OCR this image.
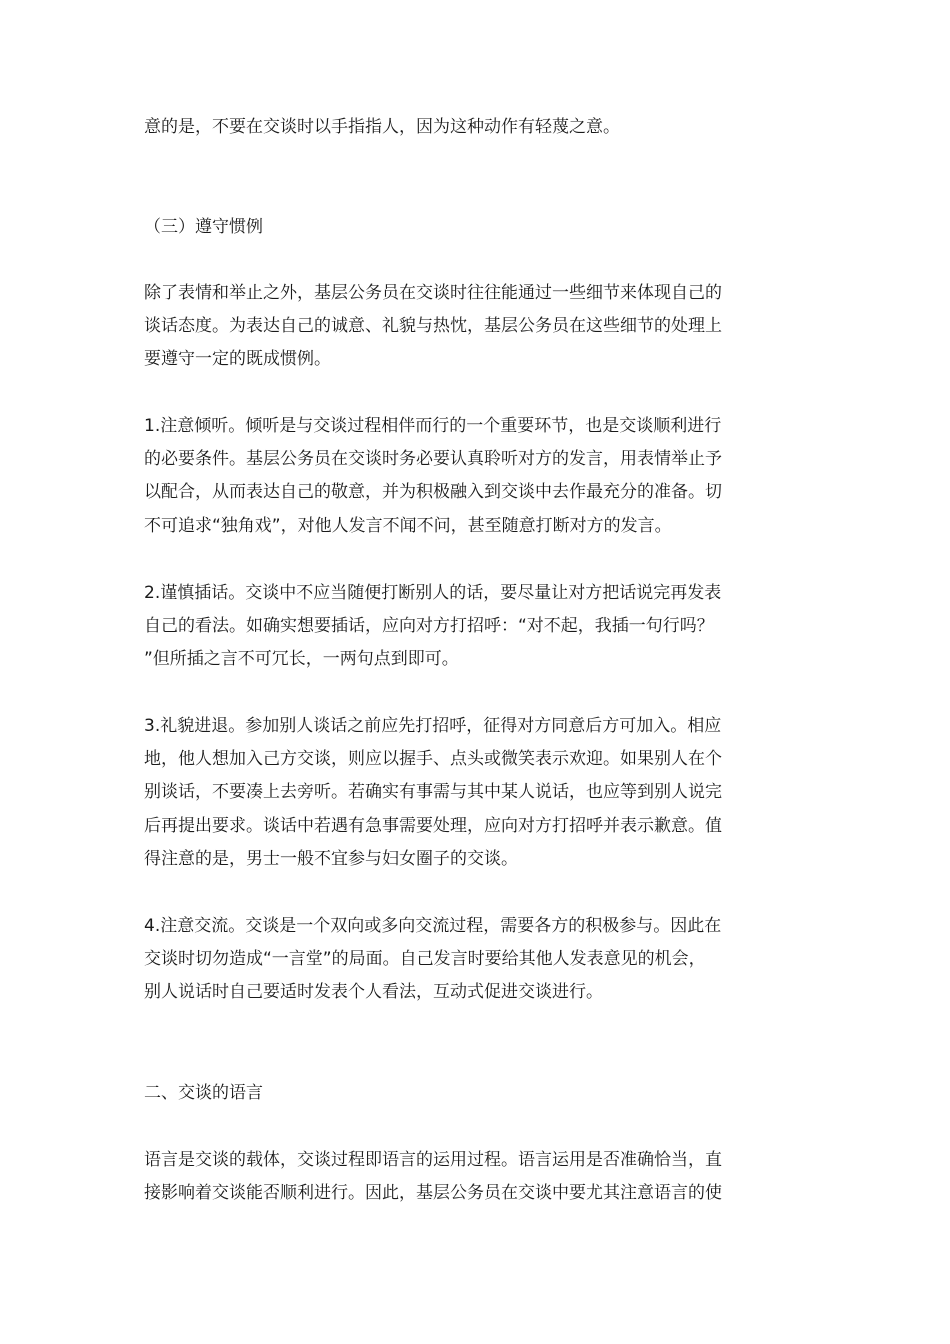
意的是，不要在交谈时以手指指人，因为这种动作有轻蔑之意。

（三）遵守惯例

除了表情和举止之外，基层公务员在交谈时往往能通过一些细节来体现自己的

谈话态度。为表达自己的诚意、礼貌与热忱，基层公务员在这些细节的处理上

要遵守一定的既成惯例。

1.注意倾听。倾听是与交谈过程相伴而行的一个重要环节，也是交谈顺利进行

的必要条件。基层公务员在交谈时务必要认真聆听对方的发言，用表情举止予

以配合，从而表达自己的敬意，并为积极融入到交谈中去作最充分的准备。切

不可追求“独角戏”，对他人发言不闻不问，甚至随意打断对方的发言。

2.谨慎插话。交谈中不应当随便打断别人的话，要尽量让对方把话说完再发表

自己的看法。如确实想要插话，应向对方打招呼：“对不起，我插一句行吗？

”但所插之言不可冗长，一两句点到即可。

3.礼貌进退。参加别人谈话之前应先打招呼，征得对方同意后方可加入。相应

地，他人想加入己方交谈，则应以握手、点头或微笑表示欢迎。如果别人在个

别谈话，不要凑上去旁听。若确实有事需与其中某人说话，也应等到别人说完

后再提出要求。谈话中若遇有急事需要处理，应向对方打招呼并表示歉意。值

得注意的是，男士一般不宜参与妇女圈子的交谈。

4.注意交流。交谈是一个双向或多向交流过程，需要各方的积极参与。因此在

交谈时切勿造成“一言堂”的局面。自己发言时要给其他人发表意见的机会，

别人说话时自己要适时发表个人看法，互动式促进交谈进行。

二、交谈的语言

语言是交谈的载体，交谈过程即语言的运用过程。语言运用是否准确恰当，直

接影响着交谈能否顺利进行。因此，基层公务员在交谈中要尤其注意语言的使
